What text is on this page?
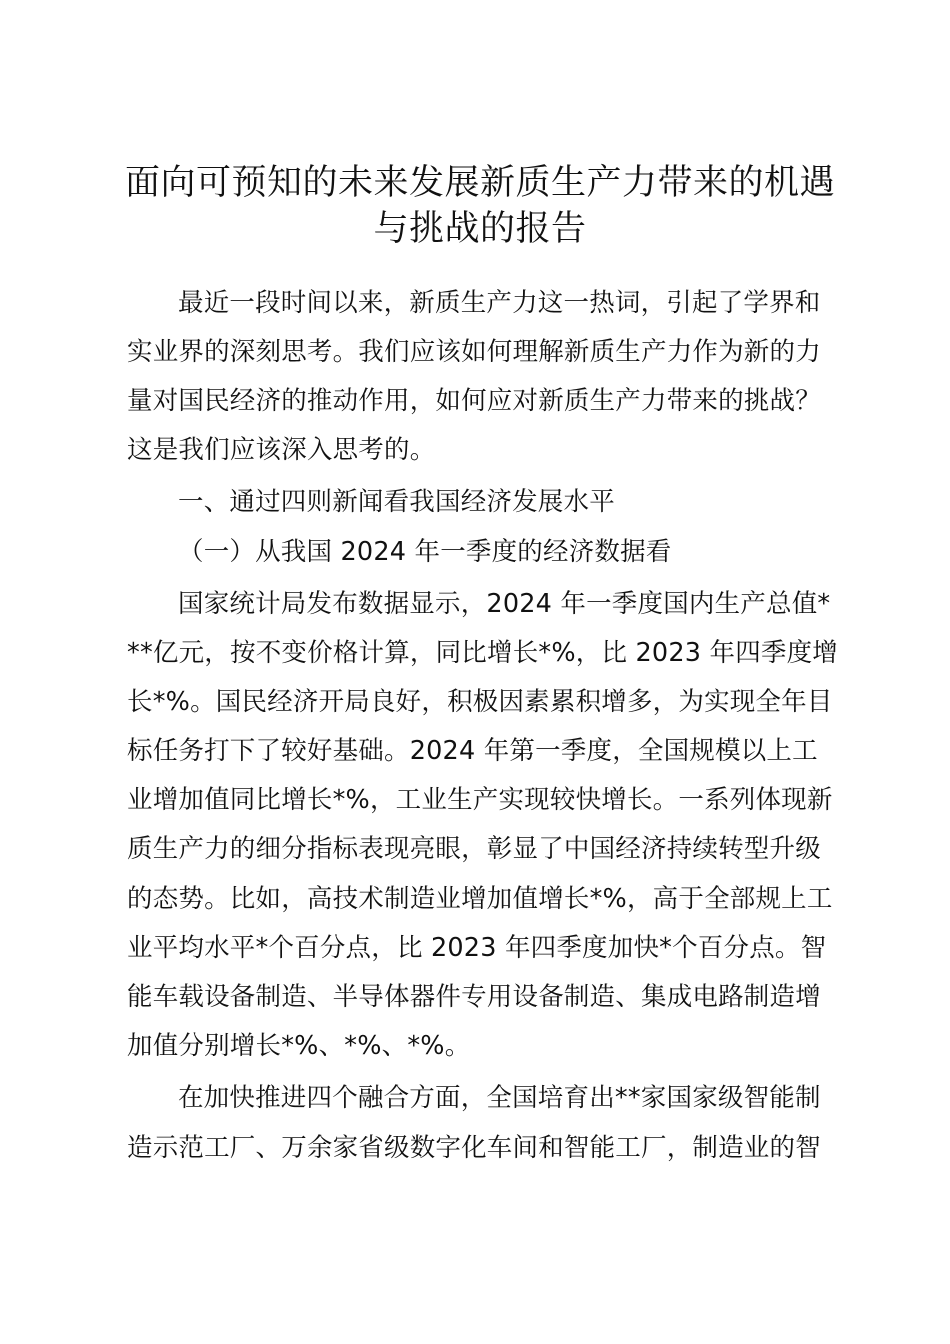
面向可预知的未来发展新质生产力带来的机遇
与挑战的报告
最近一段时间以来，新质生产力这一热词，引起了学界和
实业界的深刻思考。我们应该如何理解新质生产力作为新的力
量对国民经济的推动作用，如何应对新质生产力带来的挑战？
这是我们应该深入思考的。
一、通过四则新闻看我国经济发展水平
（一）从我国 2024 年一季度的经济数据看
国家统计局发布数据显示，2024 年一季度国内生产总值*
**亿元，按不变价格计算，同比增长*%，比 2023 年四季度增
长*%。国民经济开局良好，积极因素累积增多，为实现全年目
标任务打下了较好基础。2024 年第一季度，全国规模以上工
业增加值同比增长*%，工业生产实现较快增长。一系列体现新
质生产力的细分指标表现亮眼，彰显了中国经济持续转型升级
的态势。比如，高技术制造业增加值增长*%，高于全部规上工
业平均水平*个百分点，比 2023 年四季度加快*个百分点。智
能车载设备制造、半导体器件专用设备制造、集成电路制造增
加值分别增长*%、*%、*%。
在加快推进四个融合方面，全国培育出**家国家级智能制
造示范工厂、万余家省级数字化车间和智能工厂，制造业的智
